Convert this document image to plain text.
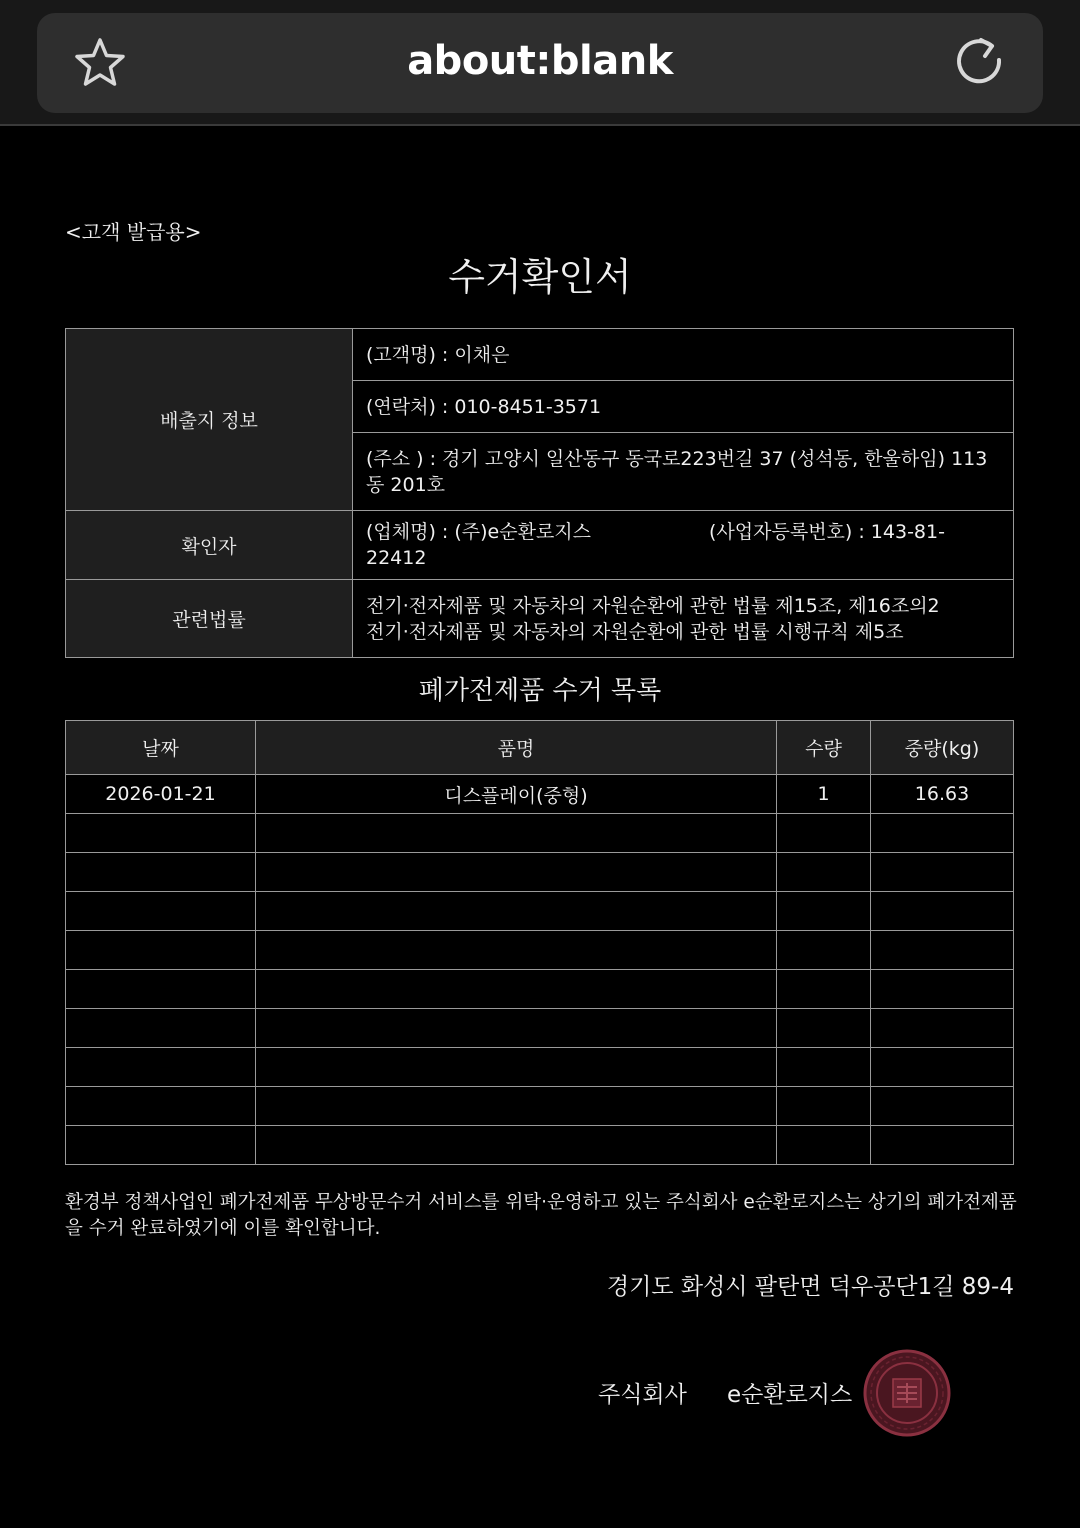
about:blank
<고객 발급용>
수거확인서
배출지 정보	(고객명) : 이채은
	(연락처) : 010-8451-3571
	(주소 ) : 경기 고양시 일산동구 동국로223번길 37 (성석동, 한울하임) 113동 201호
확인자	(업체명) : (주)e순환로지스 (사업자등록번호) : 143-81-22412
관련법률	전기·전자제품 및 자동차의 자원순환에 관한 법률 제15조, 제16조의2
전기·전자제품 및 자동차의 자원순환에 관한 법률 시행규칙 제5조
폐가전제품 수거 목록
날짜	품명	수량	중량(kg)
2026-01-21	디스플레이(중형)	1	16.63

환경부 정책사업인 폐가전제품 무상방문수거 서비스를 위탁·운영하고 있는 주식회사 e순환로지스는 상기의 폐가전제품을 수거 완료하였기에 이를 확인합니다.
경기도 화성시 팔탄면 덕우공단1길 89-4
주식회사 e순환로지스
